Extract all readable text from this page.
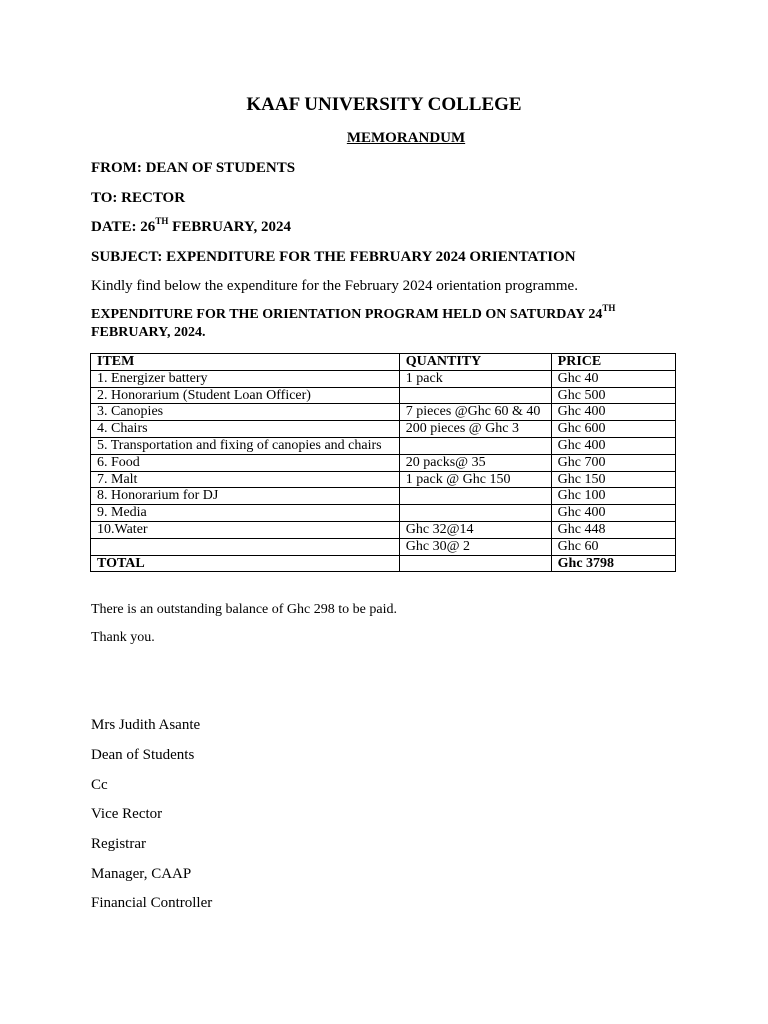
KAAF UNIVERSITY COLLEGE
MEMORANDUM
FROM: DEAN OF STUDENTS
TO: RECTOR
DATE: 26TH FEBRUARY, 2024
SUBJECT: EXPENDITURE FOR THE FEBRUARY 2024 ORIENTATION
Kindly find below the expenditure for the February 2024 orientation programme.
EXPENDITURE FOR THE ORIENTATION PROGRAM HELD ON SATURDAY 24TH
FEBRUARY, 2024.
ITEM	QUANTITY	PRICE
1. Energizer battery	1 pack	Ghc 40
2. Honorarium (Student Loan Officer)		Ghc 500
3. Canopies	7 pieces @Ghc 60 & 40	Ghc 400
4. Chairs	200 pieces @ Ghc 3	Ghc 600
5. Transportation and fixing of canopies and chairs		Ghc 400
6. Food	20 packs@ 35	Ghc 700
7. Malt	1 pack @ Ghc 150	Ghc 150
8. Honorarium for DJ		Ghc 100
9. Media		Ghc 400
10.Water	Ghc 32@14	Ghc 448
	Ghc 30@ 2	Ghc 60
TOTAL		Ghc 3798
There is an outstanding balance of Ghc 298 to be paid.
Thank you.
Mrs Judith Asante
Dean of Students
Cc
Vice Rector
Registrar
Manager, CAAP
Financial Controller
